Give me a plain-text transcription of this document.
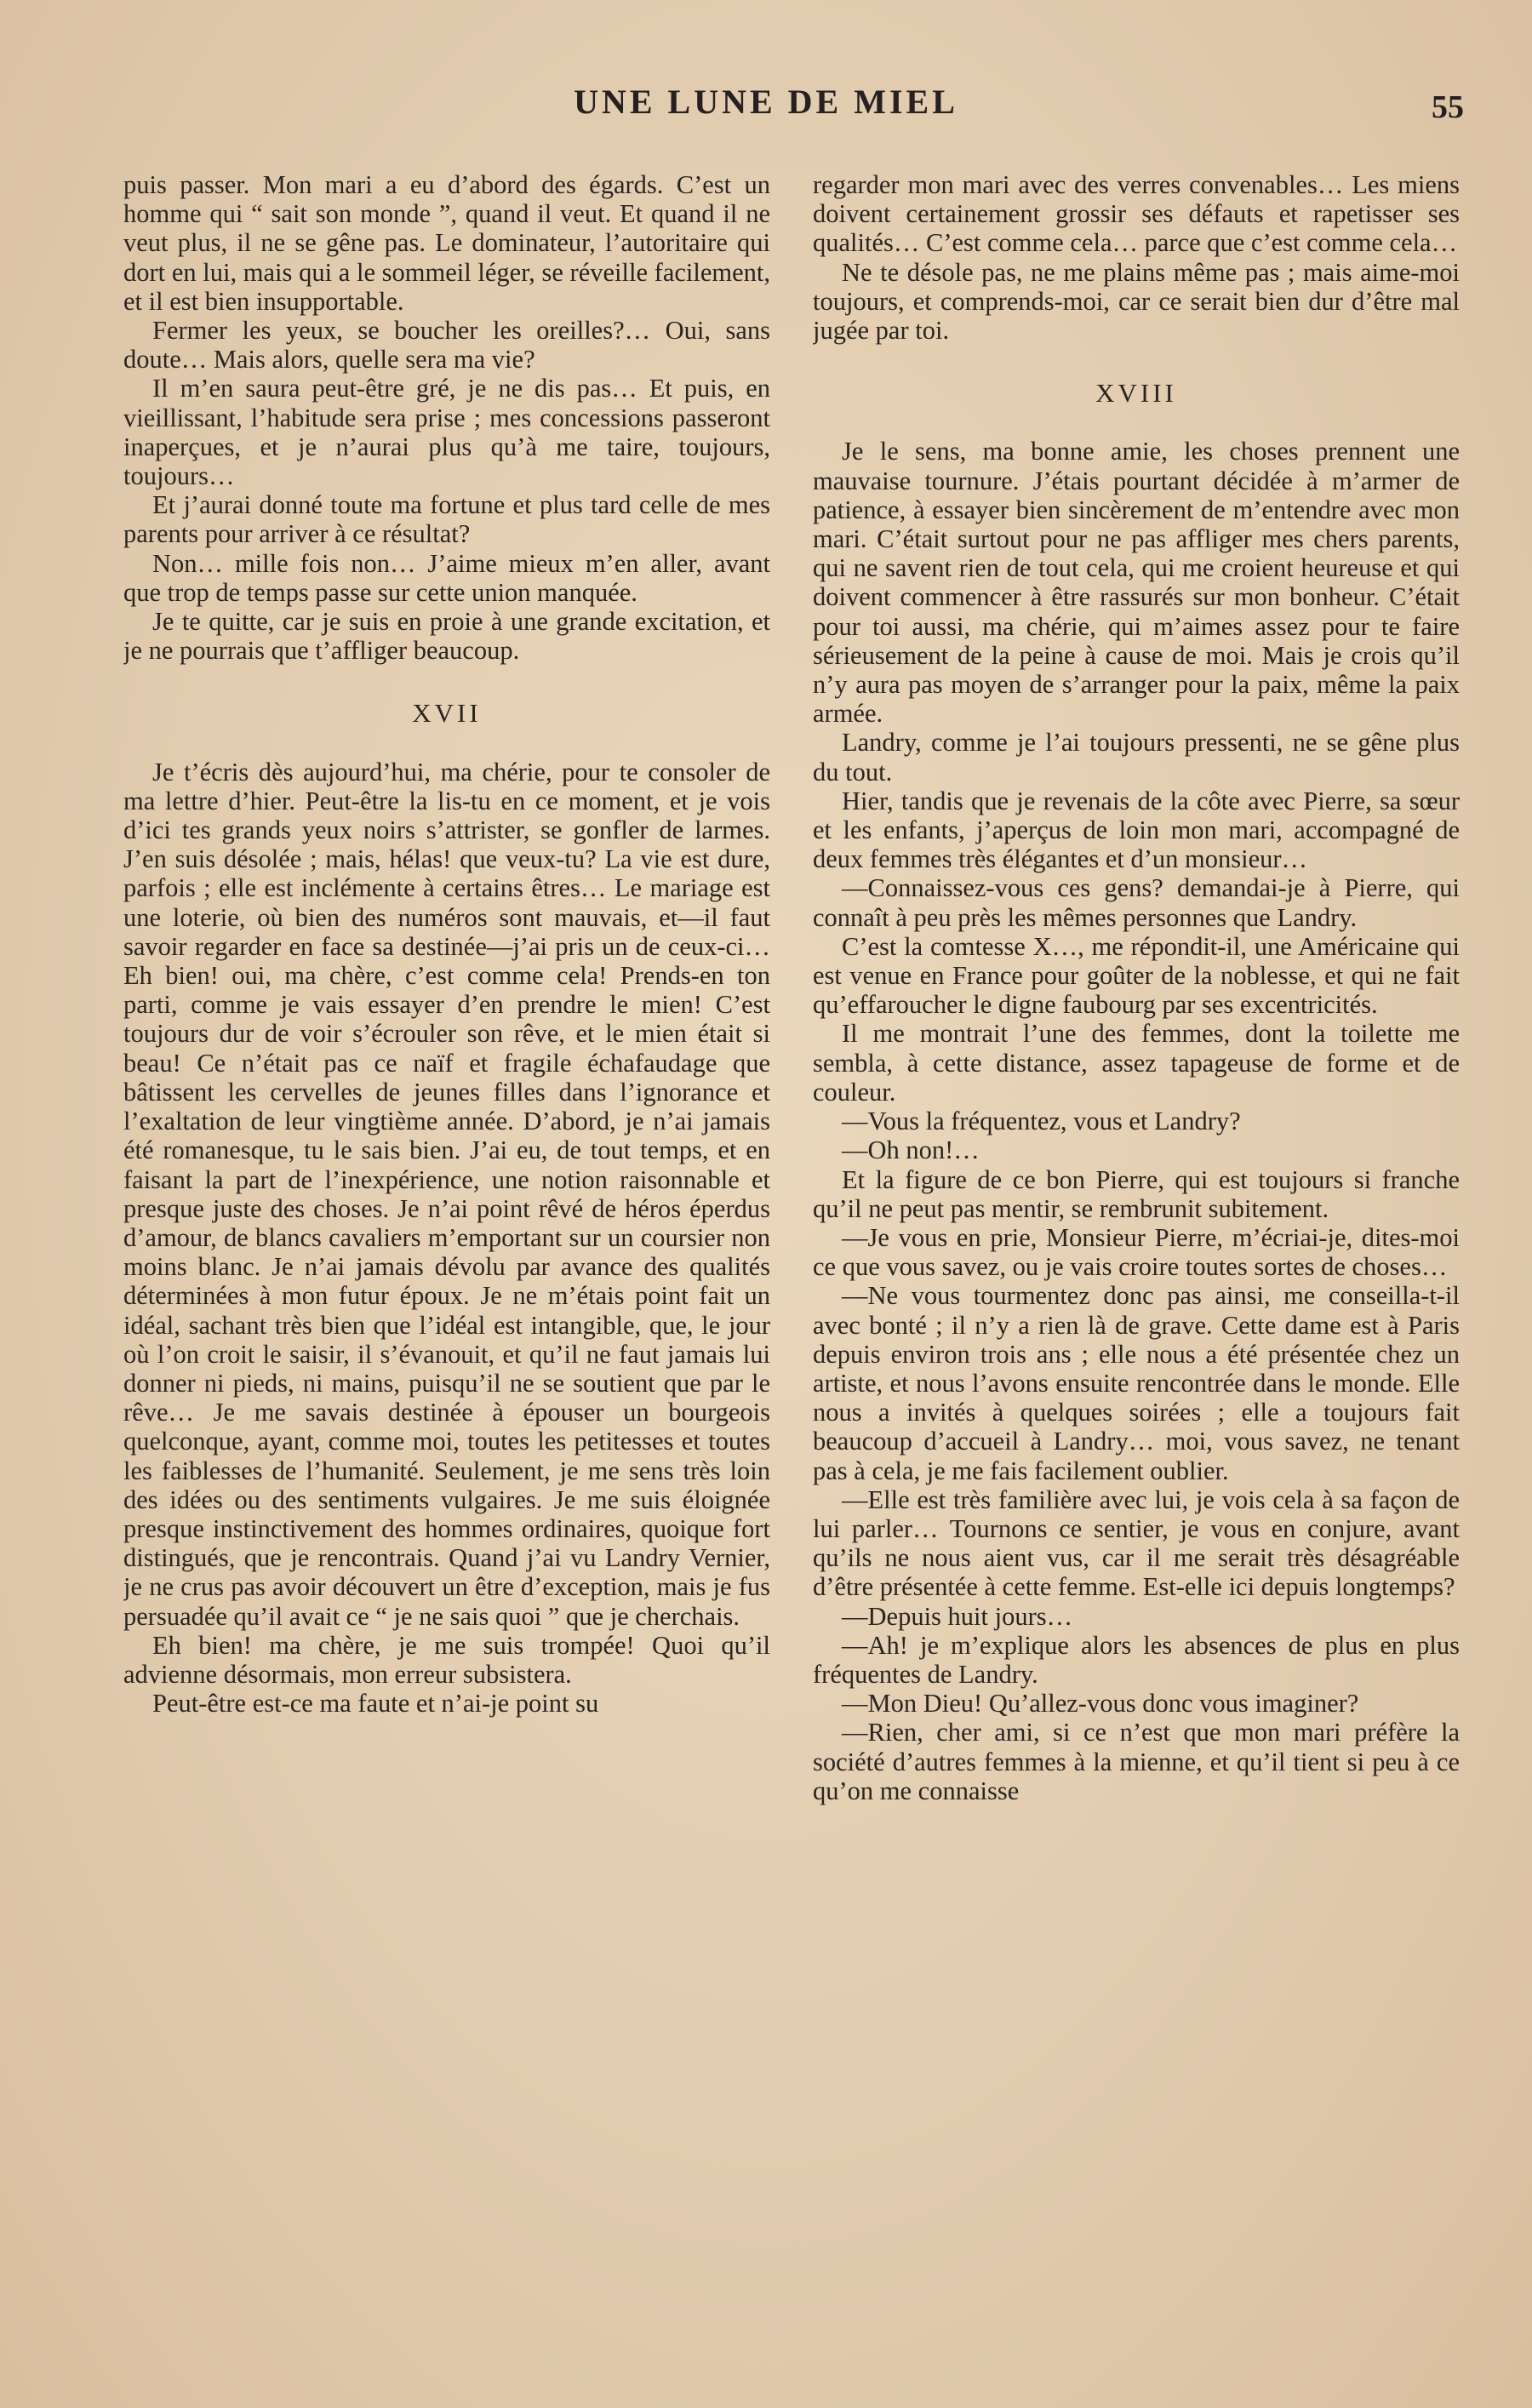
UNE LUNE DE MIEL	55

puis passer. Mon mari a eu d’abord des égards. C’est un homme qui “ sait son monde ”, quand il veut. Et quand il ne veut plus, il ne se gêne pas. Le dominateur, l’autoritaire qui dort en lui, mais qui a le sommeil léger, se réveille facilement, et il est bien insupportable.

Fermer les yeux, se boucher les oreilles?… Oui, sans doute… Mais alors, quelle sera ma vie?

Il m’en saura peut-être gré, je ne dis pas… Et puis, en vieillissant, l’habitude sera prise ; mes concessions passeront inaperçues, et je n’aurai plus qu’à me taire, toujours, toujours…

Et j’aurai donné toute ma fortune et plus tard celle de mes parents pour arriver à ce résultat?

Non… mille fois non… J’aime mieux m’en aller, avant que trop de temps passe sur cette union manquée.

Je te quitte, car je suis en proie à une grande excitation, et je ne pourrais que t’affliger beaucoup.

XVII

Je t’écris dès aujourd’hui, ma chérie, pour te consoler de ma lettre d’hier. Peut-être la lis-tu en ce moment, et je vois d’ici tes grands yeux noirs s’attrister, se gonfler de larmes. J’en suis désolée ; mais, hélas! que veux-tu? La vie est dure, parfois ; elle est inclémente à certains êtres… Le mariage est une loterie, où bien des numéros sont mauvais, et—il faut savoir regarder en face sa destinée—j’ai pris un de ceux-ci… Eh bien! oui, ma chère, c’est comme cela! Prends-en ton parti, comme je vais essayer d’en prendre le mien! C’est toujours dur de voir s’écrouler son rêve, et le mien était si beau! Ce n’était pas ce naïf et fragile échafaudage que bâtissent les cervelles de jeunes filles dans l’ignorance et l’exaltation de leur vingtième année. D’abord, je n’ai jamais été romanesque, tu le sais bien. J’ai eu, de tout temps, et en faisant la part de l’inexpérience, une notion raisonnable et presque juste des choses. Je n’ai point rêvé de héros éperdus d’amour, de blancs cavaliers m’emportant sur un coursier non moins blanc. Je n’ai jamais dévolu par avance des qualités déterminées à mon futur époux. Je ne m’étais point fait un idéal, sachant très bien que l’idéal est intangible, que, le jour où l’on croit le saisir, il s’évanouit, et qu’il ne faut jamais lui donner ni pieds, ni mains, puisqu’il ne se soutient que par le rêve… Je me savais destinée à épouser un bourgeois quelconque, ayant, comme moi, toutes les petitesses et toutes les faiblesses de l’humanité. Seulement, je me sens très loin des idées ou des sentiments vulgaires. Je me suis éloignée presque instinctivement des hommes ordinaires, quoique fort distingués, que je rencontrais. Quand j’ai vu Landry Vernier, je ne crus pas avoir découvert un être d’exception, mais je fus persuadée qu’il avait ce “ je ne sais quoi ” que je cherchais.

Eh bien! ma chère, je me suis trompée! Quoi qu’il advienne désormais, mon erreur subsistera.

Peut-être est-ce ma faute et n’ai-je point su

regarder mon mari avec des verres convenables… Les miens doivent certainement grossir ses défauts et rapetisser ses qualités… C’est comme cela… parce que c’est comme cela…

Ne te désole pas, ne me plains même pas ; mais aime-moi toujours, et comprends-moi, car ce serait bien dur d’être mal jugée par toi.

XVIII

Je le sens, ma bonne amie, les choses prennent une mauvaise tournure. J’étais pourtant décidée à m’armer de patience, à essayer bien sincèrement de m’entendre avec mon mari. C’était surtout pour ne pas affliger mes chers parents, qui ne savent rien de tout cela, qui me croient heureuse et qui doivent commencer à être rassurés sur mon bonheur. C’était pour toi aussi, ma chérie, qui m’aimes assez pour te faire sérieusement de la peine à cause de moi. Mais je crois qu’il n’y aura pas moyen de s’arranger pour la paix, même la paix armée.

Landry, comme je l’ai toujours pressenti, ne se gêne plus du tout.

Hier, tandis que je revenais de la côte avec Pierre, sa sœur et les enfants, j’aperçus de loin mon mari, accompagné de deux femmes très élégantes et d’un monsieur…

—Connaissez-vous ces gens? demandai-je à Pierre, qui connaît à peu près les mêmes personnes que Landry.

C’est la comtesse X…, me répondit-il, une Américaine qui est venue en France pour goûter de la noblesse, et qui ne fait qu’effaroucher le digne faubourg par ses excentricités.

Il me montrait l’une des femmes, dont la toilette me sembla, à cette distance, assez tapageuse de forme et de couleur.

—Vous la fréquentez, vous et Landry?

—Oh non!…

Et la figure de ce bon Pierre, qui est toujours si franche qu’il ne peut pas mentir, se rembrunit subitement.

—Je vous en prie, Monsieur Pierre, m’écriai-je, dites-moi ce que vous savez, ou je vais croire toutes sortes de choses…

—Ne vous tourmentez donc pas ainsi, me conseilla-t-il avec bonté ; il n’y a rien là de grave. Cette dame est à Paris depuis environ trois ans ; elle nous a été présentée chez un artiste, et nous l’avons ensuite rencontrée dans le monde. Elle nous a invités à quelques soirées ; elle a toujours fait beaucoup d’accueil à Landry… moi, vous savez, ne tenant pas à cela, je me fais facilement oublier.

—Elle est très familière avec lui, je vois cela à sa façon de lui parler… Tournons ce sentier, je vous en conjure, avant qu’ils ne nous aient vus, car il me serait très désagréable d’être présentée à cette femme. Est-elle ici depuis longtemps?

—Depuis huit jours…

—Ah! je m’explique alors les absences de plus en plus fréquentes de Landry.

—Mon Dieu! Qu’allez-vous donc vous imaginer?

—Rien, cher ami, si ce n’est que mon mari préfère la société d’autres femmes à la mienne, et qu’il tient si peu à ce qu’on me connaisse
